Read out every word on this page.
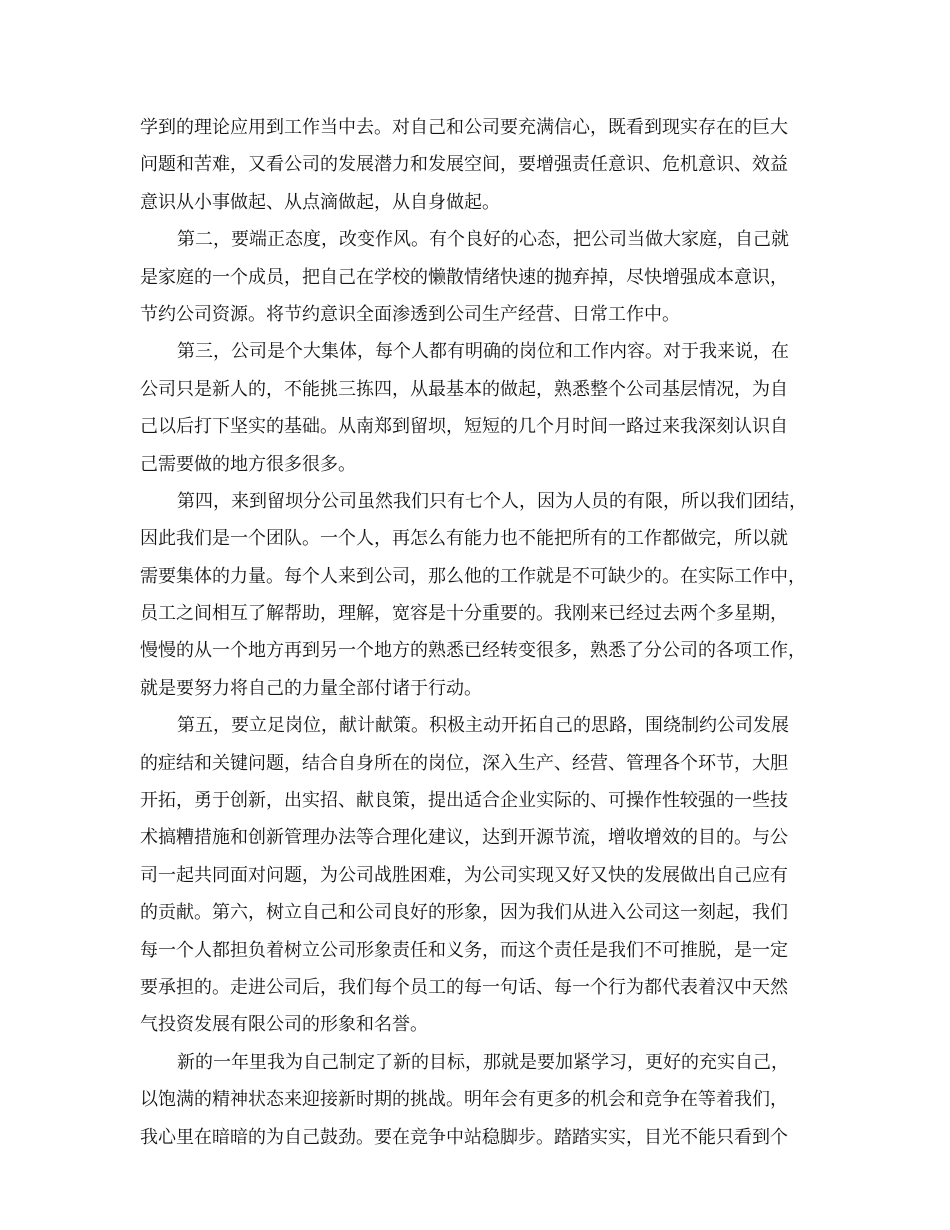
学到的理论应用到工作当中去。对自己和公司要充满信心，既看到现实存在的巨大
问题和苦难，又看公司的发展潜力和发展空间，要增强责任意识、危机意识、效益
意识从小事做起、从点滴做起，从自身做起。
第二，要端正态度，改变作风。有个良好的心态，把公司当做大家庭，自己就
是家庭的一个成员，把自己在学校的懒散情绪快速的抛弃掉，尽快增强成本意识，
节约公司资源。将节约意识全面渗透到公司生产经营、日常工作中。
第三，公司是个大集体，每个人都有明确的岗位和工作内容。对于我来说，在
公司只是新人的，不能挑三拣四，从最基本的做起，熟悉整个公司基层情况，为自
己以后打下坚实的基础。从南郑到留坝，短短的几个月时间一路过来我深刻认识自
己需要做的地方很多很多。
第四，来到留坝分公司虽然我们只有七个人，因为人员的有限，所以我们团结，
因此我们是一个团队。一个人，再怎么有能力也不能把所有的工作都做完，所以就
需要集体的力量。每个人来到公司，那么他的工作就是不可缺少的。在实际工作中，
员工之间相互了解帮助，理解，宽容是十分重要的。我刚来已经过去两个多星期，
慢慢的从一个地方再到另一个地方的熟悉已经转变很多，熟悉了分公司的各项工作，
就是要努力将自己的力量全部付诸于行动。
第五，要立足岗位，献计献策。积极主动开拓自己的思路，围绕制约公司发展
的症结和关键问题，结合自身所在的岗位，深入生产、经营、管理各个环节，大胆
开拓，勇于创新，出实招、献良策，提出适合企业实际的、可操作性较强的一些技
术搞糟措施和创新管理办法等合理化建议，达到开源节流，增收增效的目的。与公
司一起共同面对问题，为公司战胜困难，为公司实现又好又快的发展做出自己应有
的贡献。第六，树立自己和公司良好的形象，因为我们从进入公司这一刻起，我们
每一个人都担负着树立公司形象责任和义务，而这个责任是我们不可推脱，是一定
要承担的。走进公司后，我们每个员工的每一句话、每一个行为都代表着汉中天然
气投资发展有限公司的形象和名誉。
新的一年里我为自己制定了新的目标，那就是要加紧学习，更好的充实自己，
以饱满的精神状态来迎接新时期的挑战。明年会有更多的机会和竞争在等着我们，
我心里在暗暗的为自己鼓劲。要在竞争中站稳脚步。踏踏实实，目光不能只看到个
